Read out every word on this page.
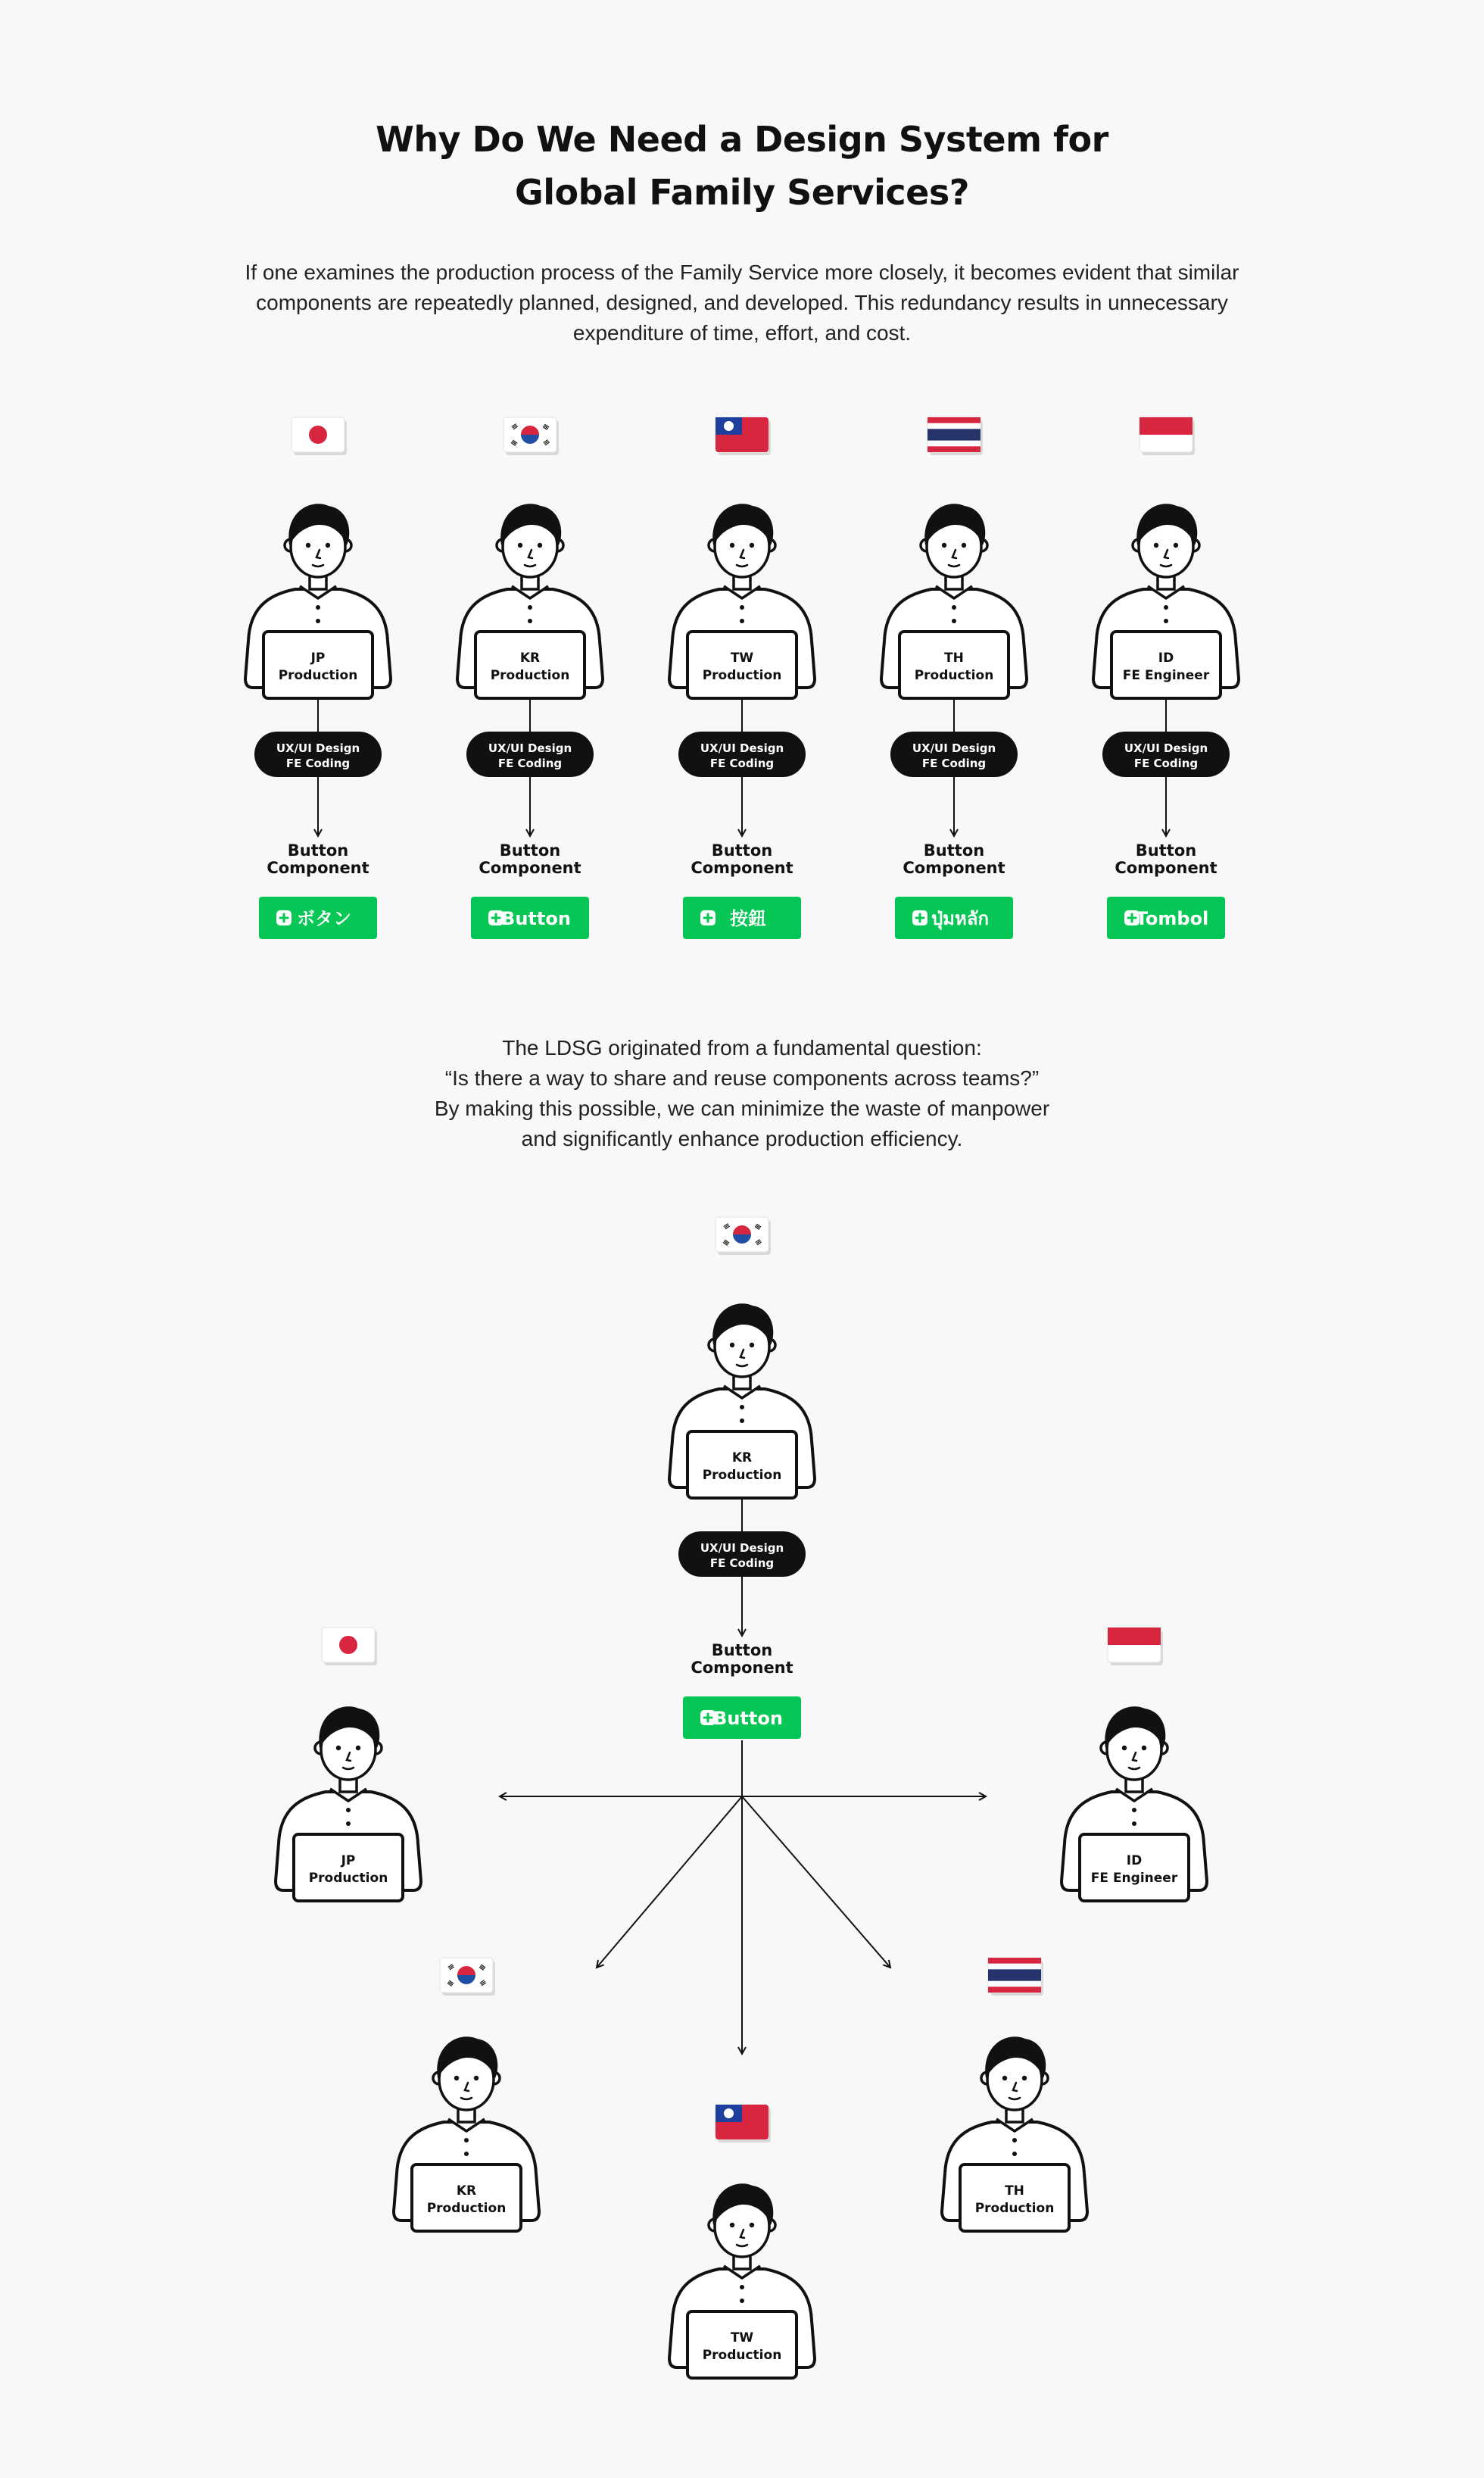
Why Do We Need a Design System for
Global Family Services?
If one examines the production process of the Family Service more closely, it becomes evident that similar
components are repeatedly planned, designed, and developed. This redundancy results in unnecessary
expenditure of time, effort, and cost.
The LDSG originated from a fundamental question:
“Is there a way to share and reuse components across teams?”
By making this possible, we can minimize the waste of manpower
and significantly enhance production efficiency.
JP
Production
UX/UI Design
FE Coding
Button
Component
ボタン
KR
Production
UX/UI Design
FE Coding
Button
Component
Button
TW
Production
UX/UI Design
FE Coding
Button
Component
按鈕
TH
Production
UX/UI Design
FE Coding
Button
Component
ปุ่มหลัก
ID
FE Engineer
UX/UI Design
FE Coding
Button
Component
Tombol
KR
Production
UX/UI Design
FE Coding
Button
Component
Button
JP
Production
ID
FE Engineer
KR
Production
TH
Production
TW
Production
